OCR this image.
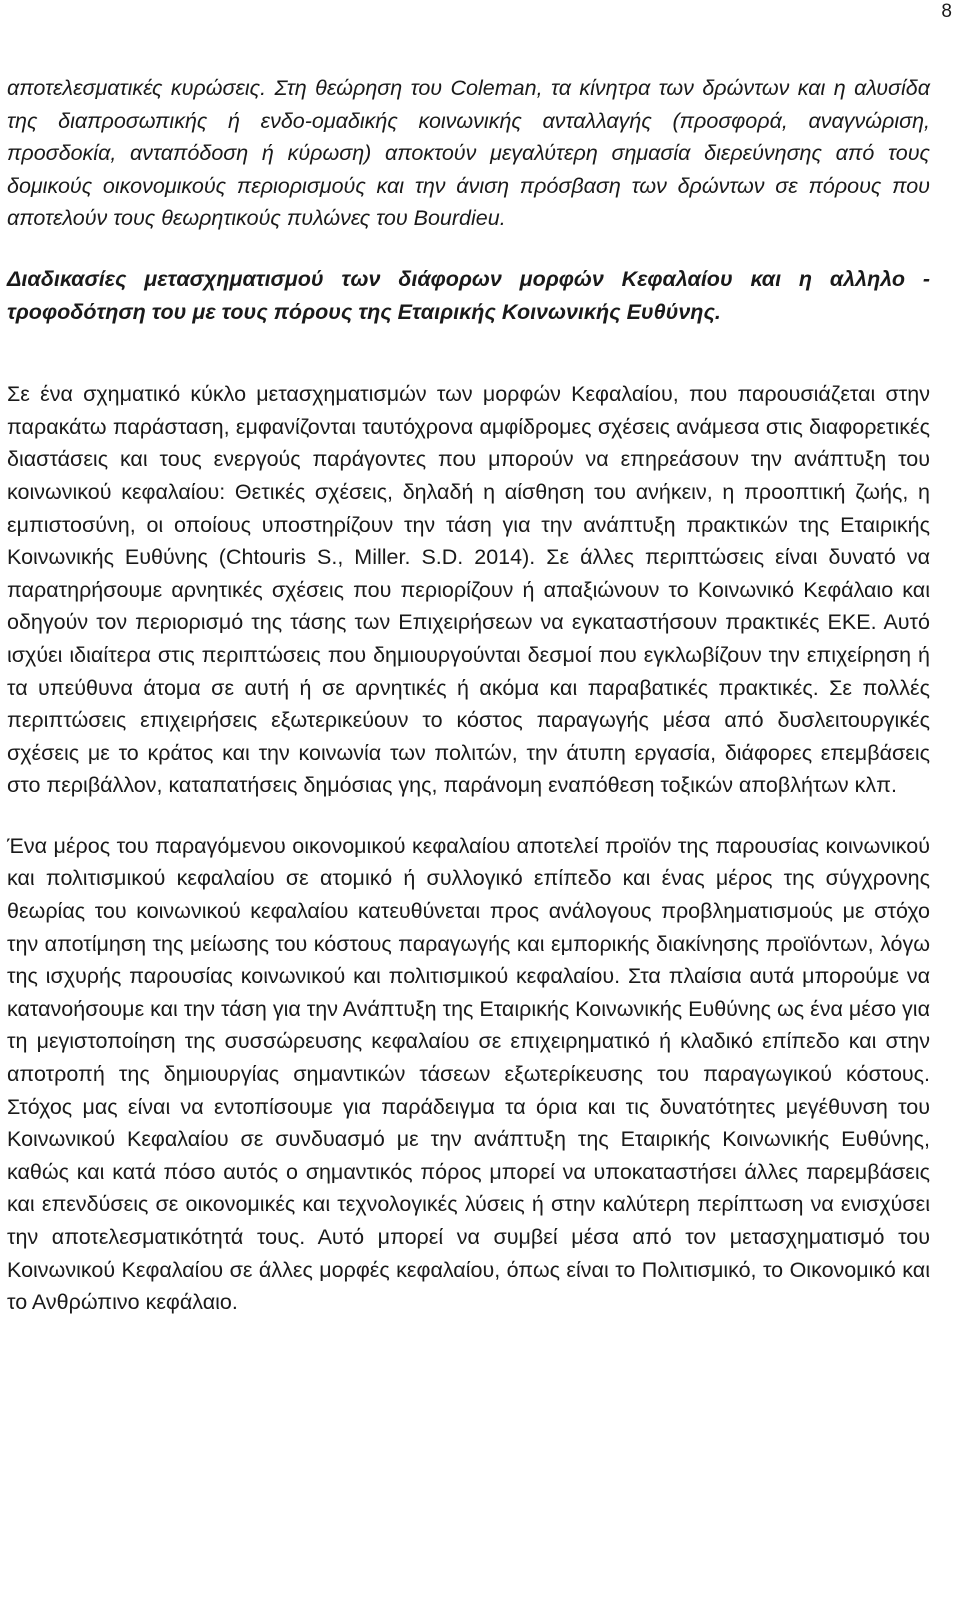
8

αποτελεσματικές κυρώσεις. Στη θεώρηση του Coleman, τα κίνητρα των δρώντων και η αλυσίδα της διαπροσωπικής ή ενδο-ομαδικής κοινωνικής ανταλλαγής (προσφορά, αναγνώριση, προσδοκία, ανταπόδοση ή κύρωση) αποκτούν μεγαλύτερη σημασία διερεύνησης από τους δομικούς οικονομικούς περιορισμούς και την άνιση πρόσβαση των δρώντων σε πόρους που αποτελούν τους θεωρητικούς πυλώνες του Bourdieu.

Διαδικασίες μετασχηματισμού των διάφορων μορφών Κεφαλαίου και η αλληλο - τροφοδότηση του με τους πόρους της Εταιρικής Κοινωνικής Ευθύνης.

Σε ένα σχηματικό κύκλο μετασχηματισμών των μορφών Κεφαλαίου, που παρουσιάζεται στην παρακάτω παράσταση, εμφανίζονται ταυτόχρονα αμφίδρομες σχέσεις ανάμεσα στις διαφορετικές διαστάσεις και τους ενεργούς παράγοντες που μπορούν να επηρεάσουν την ανάπτυξη του κοινωνικού κεφαλαίου: Θετικές σχέσεις, δηλαδή η αίσθηση του ανήκειν, η προοπτική ζωής, η εμπιστοσύνη, οι οποίους υποστηρίζουν την τάση για την ανάπτυξη πρακτικών της Εταιρικής Κοινωνικής Ευθύνης (Chtouris S., Miller. S.D. 2014). Σε άλλες περιπτώσεις είναι δυνατό να παρατηρήσουμε αρνητικές σχέσεις που περιορίζουν ή απαξιώνουν το Κοινωνικό Κεφάλαιο και οδηγούν τον περιορισμό της τάσης των Επιχειρήσεων να εγκαταστήσουν πρακτικές ΕΚΕ. Αυτό ισχύει ιδιαίτερα στις περιπτώσεις που δημιουργούνται δεσμοί που εγκλωβίζουν την επιχείρηση ή τα υπεύθυνα άτομα σε αυτή ή σε αρνητικές ή ακόμα και παραβατικές πρακτικές. Σε πολλές περιπτώσεις επιχειρήσεις εξωτερικεύουν το κόστος παραγωγής μέσα από δυσλειτουργικές σχέσεις με το κράτος και την κοινωνία των πολιτών, την άτυπη εργασία, διάφορες επεμβάσεις στο περιβάλλον, καταπατήσεις δημόσιας γης, παράνομη εναπόθεση τοξικών αποβλήτων κλπ.

Ένα μέρος του παραγόμενου οικονομικού κεφαλαίου αποτελεί προϊόν της παρουσίας κοινωνικού και πολιτισμικού κεφαλαίου σε ατομικό ή συλλογικό επίπεδο και ένας μέρος της σύγχρονης θεωρίας του κοινωνικού κεφαλαίου κατευθύνεται προς ανάλογους προβληματισμούς με στόχο την αποτίμηση της μείωσης του κόστους παραγωγής και εμπορικής διακίνησης προϊόντων, λόγω της ισχυρής παρουσίας κοινωνικού και πολιτισμικού κεφαλαίου. Στα πλαίσια αυτά μπορούμε να κατανοήσουμε και την τάση για την Ανάπτυξη της Εταιρικής Κοινωνικής Ευθύνης ως ένα μέσο για τη μεγιστοποίηση της συσσώρευσης κεφαλαίου σε επιχειρηματικό ή κλαδικό επίπεδο και στην αποτροπή της δημιουργίας σημαντικών τάσεων εξωτερίκευσης του παραγωγικού κόστους. Στόχος μας είναι να εντοπίσουμε για παράδειγμα τα όρια και τις δυνατότητες μεγέθυνση του Κοινωνικού Κεφαλαίου σε συνδυασμό με την ανάπτυξη της Εταιρικής Κοινωνικής Ευθύνης, καθώς και κατά πόσο αυτός ο σημαντικός πόρος μπορεί να υποκαταστήσει άλλες παρεμβάσεις και επενδύσεις σε οικονομικές και τεχνολογικές λύσεις ή στην καλύτερη περίπτωση να ενισχύσει την αποτελεσματικότητά τους. Αυτό μπορεί να συμβεί μέσα από τον μετασχηματισμό του Κοινωνικού Κεφαλαίου σε άλλες μορφές κεφαλαίου, όπως είναι το Πολιτισμικό, το Οικονομικό και το Ανθρώπινο κεφάλαιο.
